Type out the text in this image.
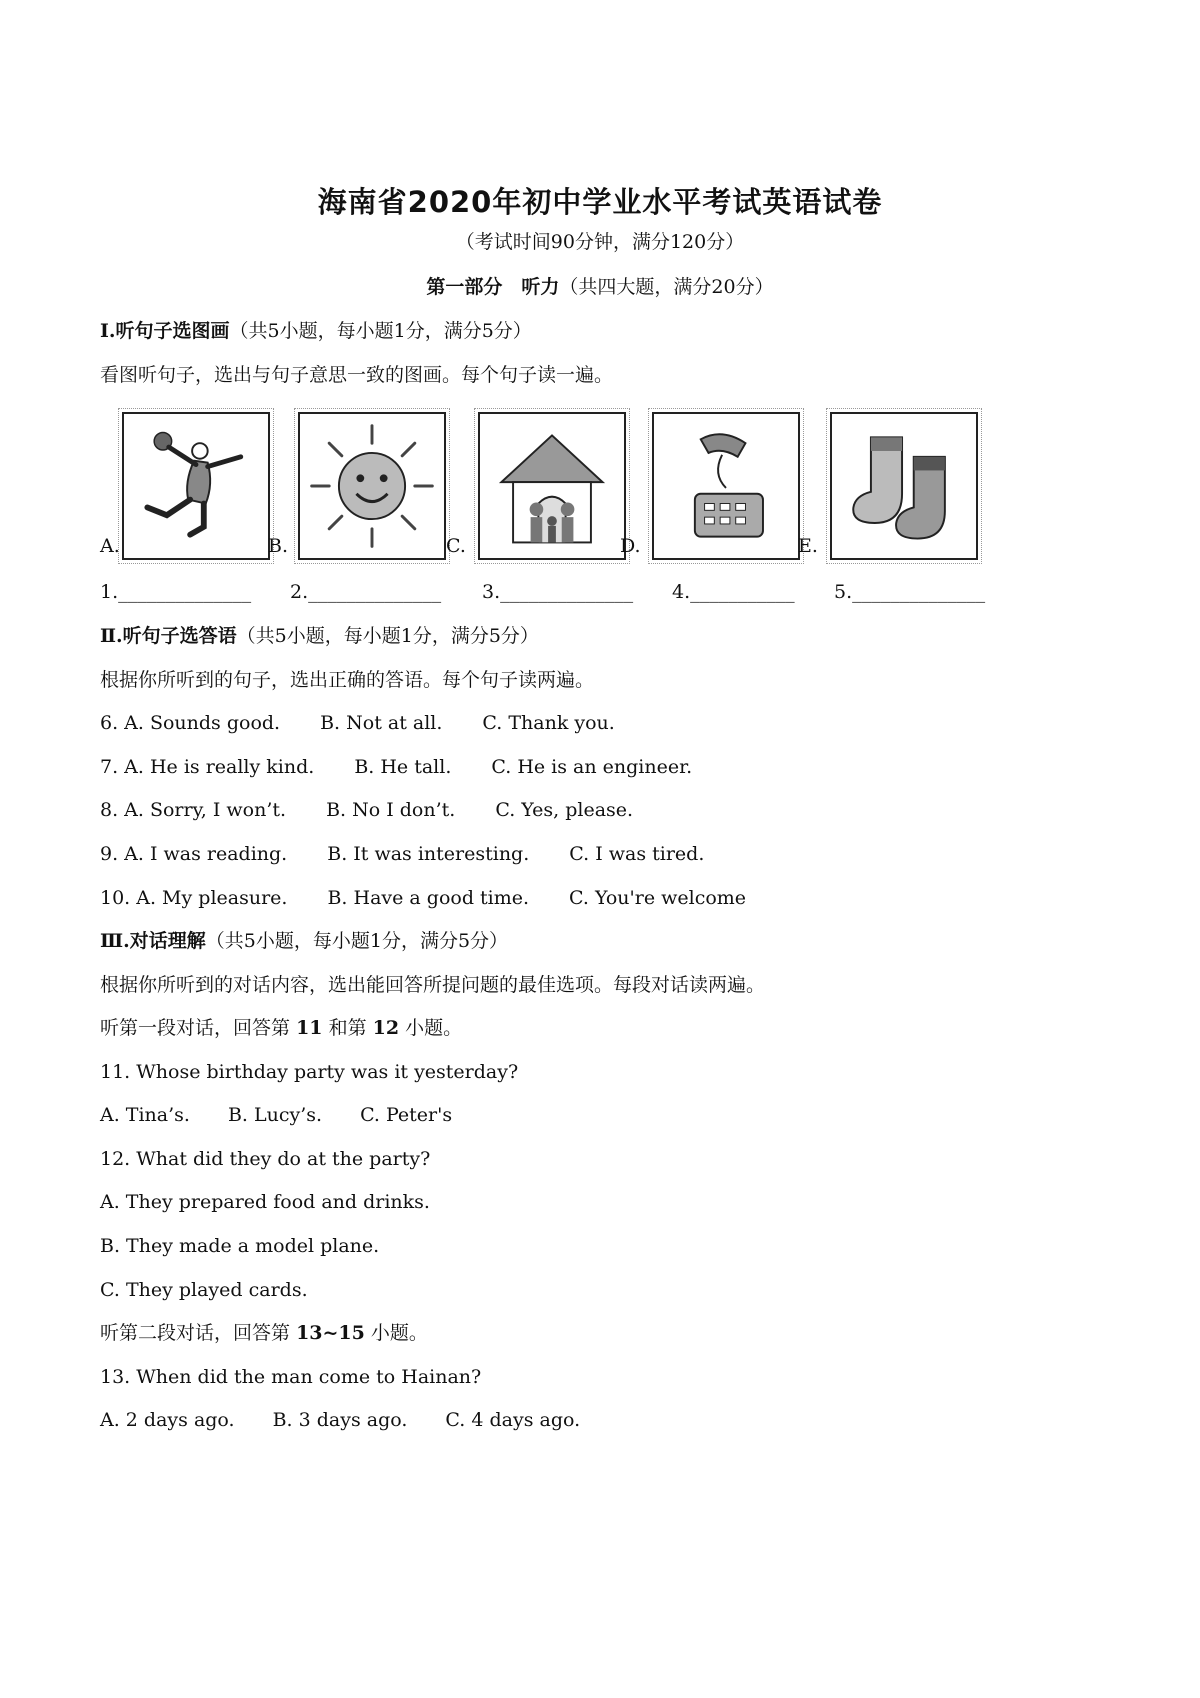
海南省2020年初中学业水平考试英语试卷
（考试时间90分钟，满分120分）
第一部分　听力（共四大题，满分20分）
I.听句子选图画（共5小题，每小题1分，满分5分）
看图听句子，选出与句子意思一致的图画。每个句子读一遍。
A.	B.	C.	D.	E.
1.______________ 2.______________ 3.______________ 4.___________ 5.______________
Ⅱ.听句子选答语（共5小题，每小题1分，满分5分）
根据你所听到的句子，选出正确的答语。每个句子读两遍。
6. A. Sounds good. B. Not at all. C. Thank you.
7. A. He is really kind. B. He tall. C. He is an engineer.
8. A. Sorry, I won’t. B. No I don’t. C. Yes, please.
9. A. I was reading. B. It was interesting. C. I was tired.
10. A. My pleasure. B. Have a good time. C. You're welcome
Ⅲ.对话理解（共5小题，每小题1分，满分5分）
根据你所听到的对话内容，选出能回答所提问题的最佳选项。每段对话读两遍。
听第一段对话，回答第 11 和第 12 小题。
11. Whose birthday party was it yesterday?
A. Tina’s. B. Lucy’s. C. Peter's
12. What did they do at the party?
A. They prepared food and drinks.
B. They made a model plane.
C. They played cards.
听第二段对话，回答第 13~15 小题。
13. When did the man come to Hainan?
A. 2 days ago. B. 3 days ago. C. 4 days ago.
